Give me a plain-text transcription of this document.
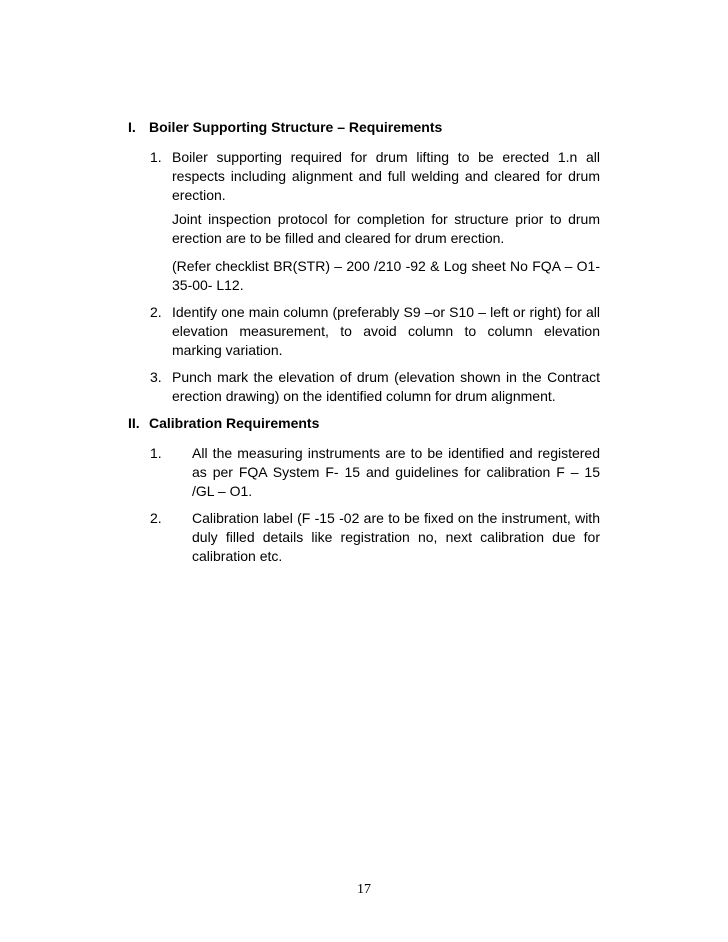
I. Boiler Supporting Structure – Requirements
1. Boiler supporting required for drum lifting to be erected 1.n all respects including alignment and full welding and cleared for drum erection.
Joint inspection protocol for completion for structure prior to drum erection are to be filled and cleared for drum erection.
(Refer checklist BR(STR) – 200 /210 -92 & Log sheet No FQA – O1-35-00- L12.
2. Identify one main column (preferably S9 –or S10 – left or right) for all elevation measurement, to avoid column to column elevation marking variation.
3. Punch mark the elevation of drum (elevation shown in the Contract erection drawing) on the identified column for drum alignment.
II. Calibration Requirements
1. All the measuring instruments are to be identified and registered as per FQA System F- 15 and guidelines for calibration F – 15 /GL – O1.
2. Calibration label (F -15 -02 are to be fixed on the instrument, with duly filled details like registration no, next calibration due for calibration etc.
17
